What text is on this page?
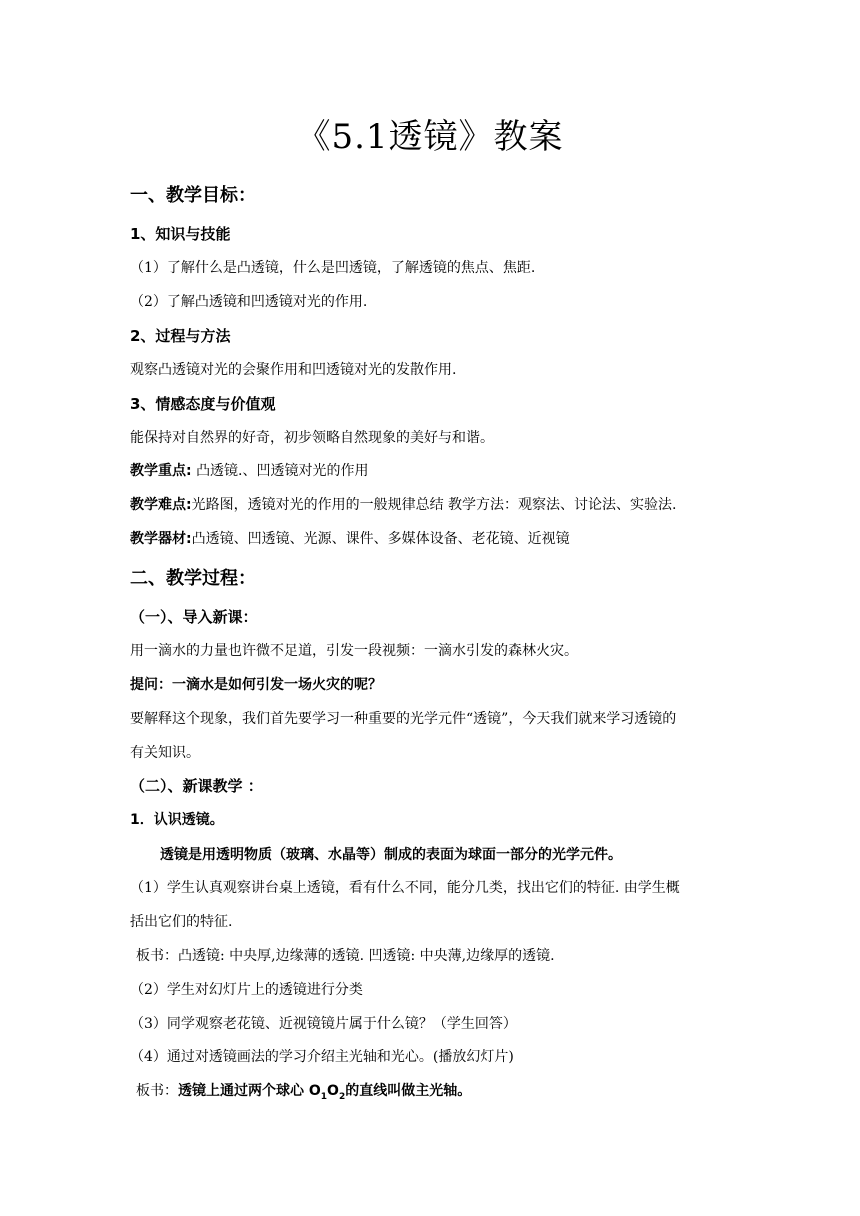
《5.1透镜》教案
一、教学目标：
1、知识与技能
（1）了解什么是凸透镜，什么是凹透镜，了解透镜的焦点、焦距.
（2）了解凸透镜和凹透镜对光的作用.
2、过程与方法
观察凸透镜对光的会聚作用和凹透镜对光的发散作用.
3、情感态度与价值观
能保持对自然界的好奇，初步领略自然现象的美好与和谐。
教学重点: 凸透镜.、凹透镜对光的作用
教学难点:光路图，透镜对光的作用的一般规律总结 教学方法：观察法、讨论法、实验法.
教学器材:凸透镜、凹透镜、光源、课件、多媒体设备、老花镜、近视镜
二、教学过程：
（一）、导入新课：
用一滴水的力量也许微不足道，引发一段视频：一滴水引发的森林火灾。
提问：一滴水是如何引发一场火灾的呢？
要解释这个现象，我们首先要学习一种重要的光学元件“透镜”，今天我们就来学习透镜的
有关知识。
（二）、新课教学 ：
1．认识透镜。
透镜是用透明物质（玻璃、水晶等）制成的表面为球面一部分的光学元件。
（1）学生认真观察讲台桌上透镜，看有什么不同，能分几类，找出它们的特征. 由学生概
括出它们的特征.
板书：凸透镜: 中央厚,边缘薄的透镜. 凹透镜: 中央薄,边缘厚的透镜.
（2）学生对幻灯片上的透镜进行分类
（3）同学观察老花镜、近视镜镜片属于什么镜？（学生回答）
（4）通过对透镜画法的学习介绍主光轴和光心。(播放幻灯片)
板书：透镜上通过两个球心 $O_1O_2$的直线叫做主光轴。
